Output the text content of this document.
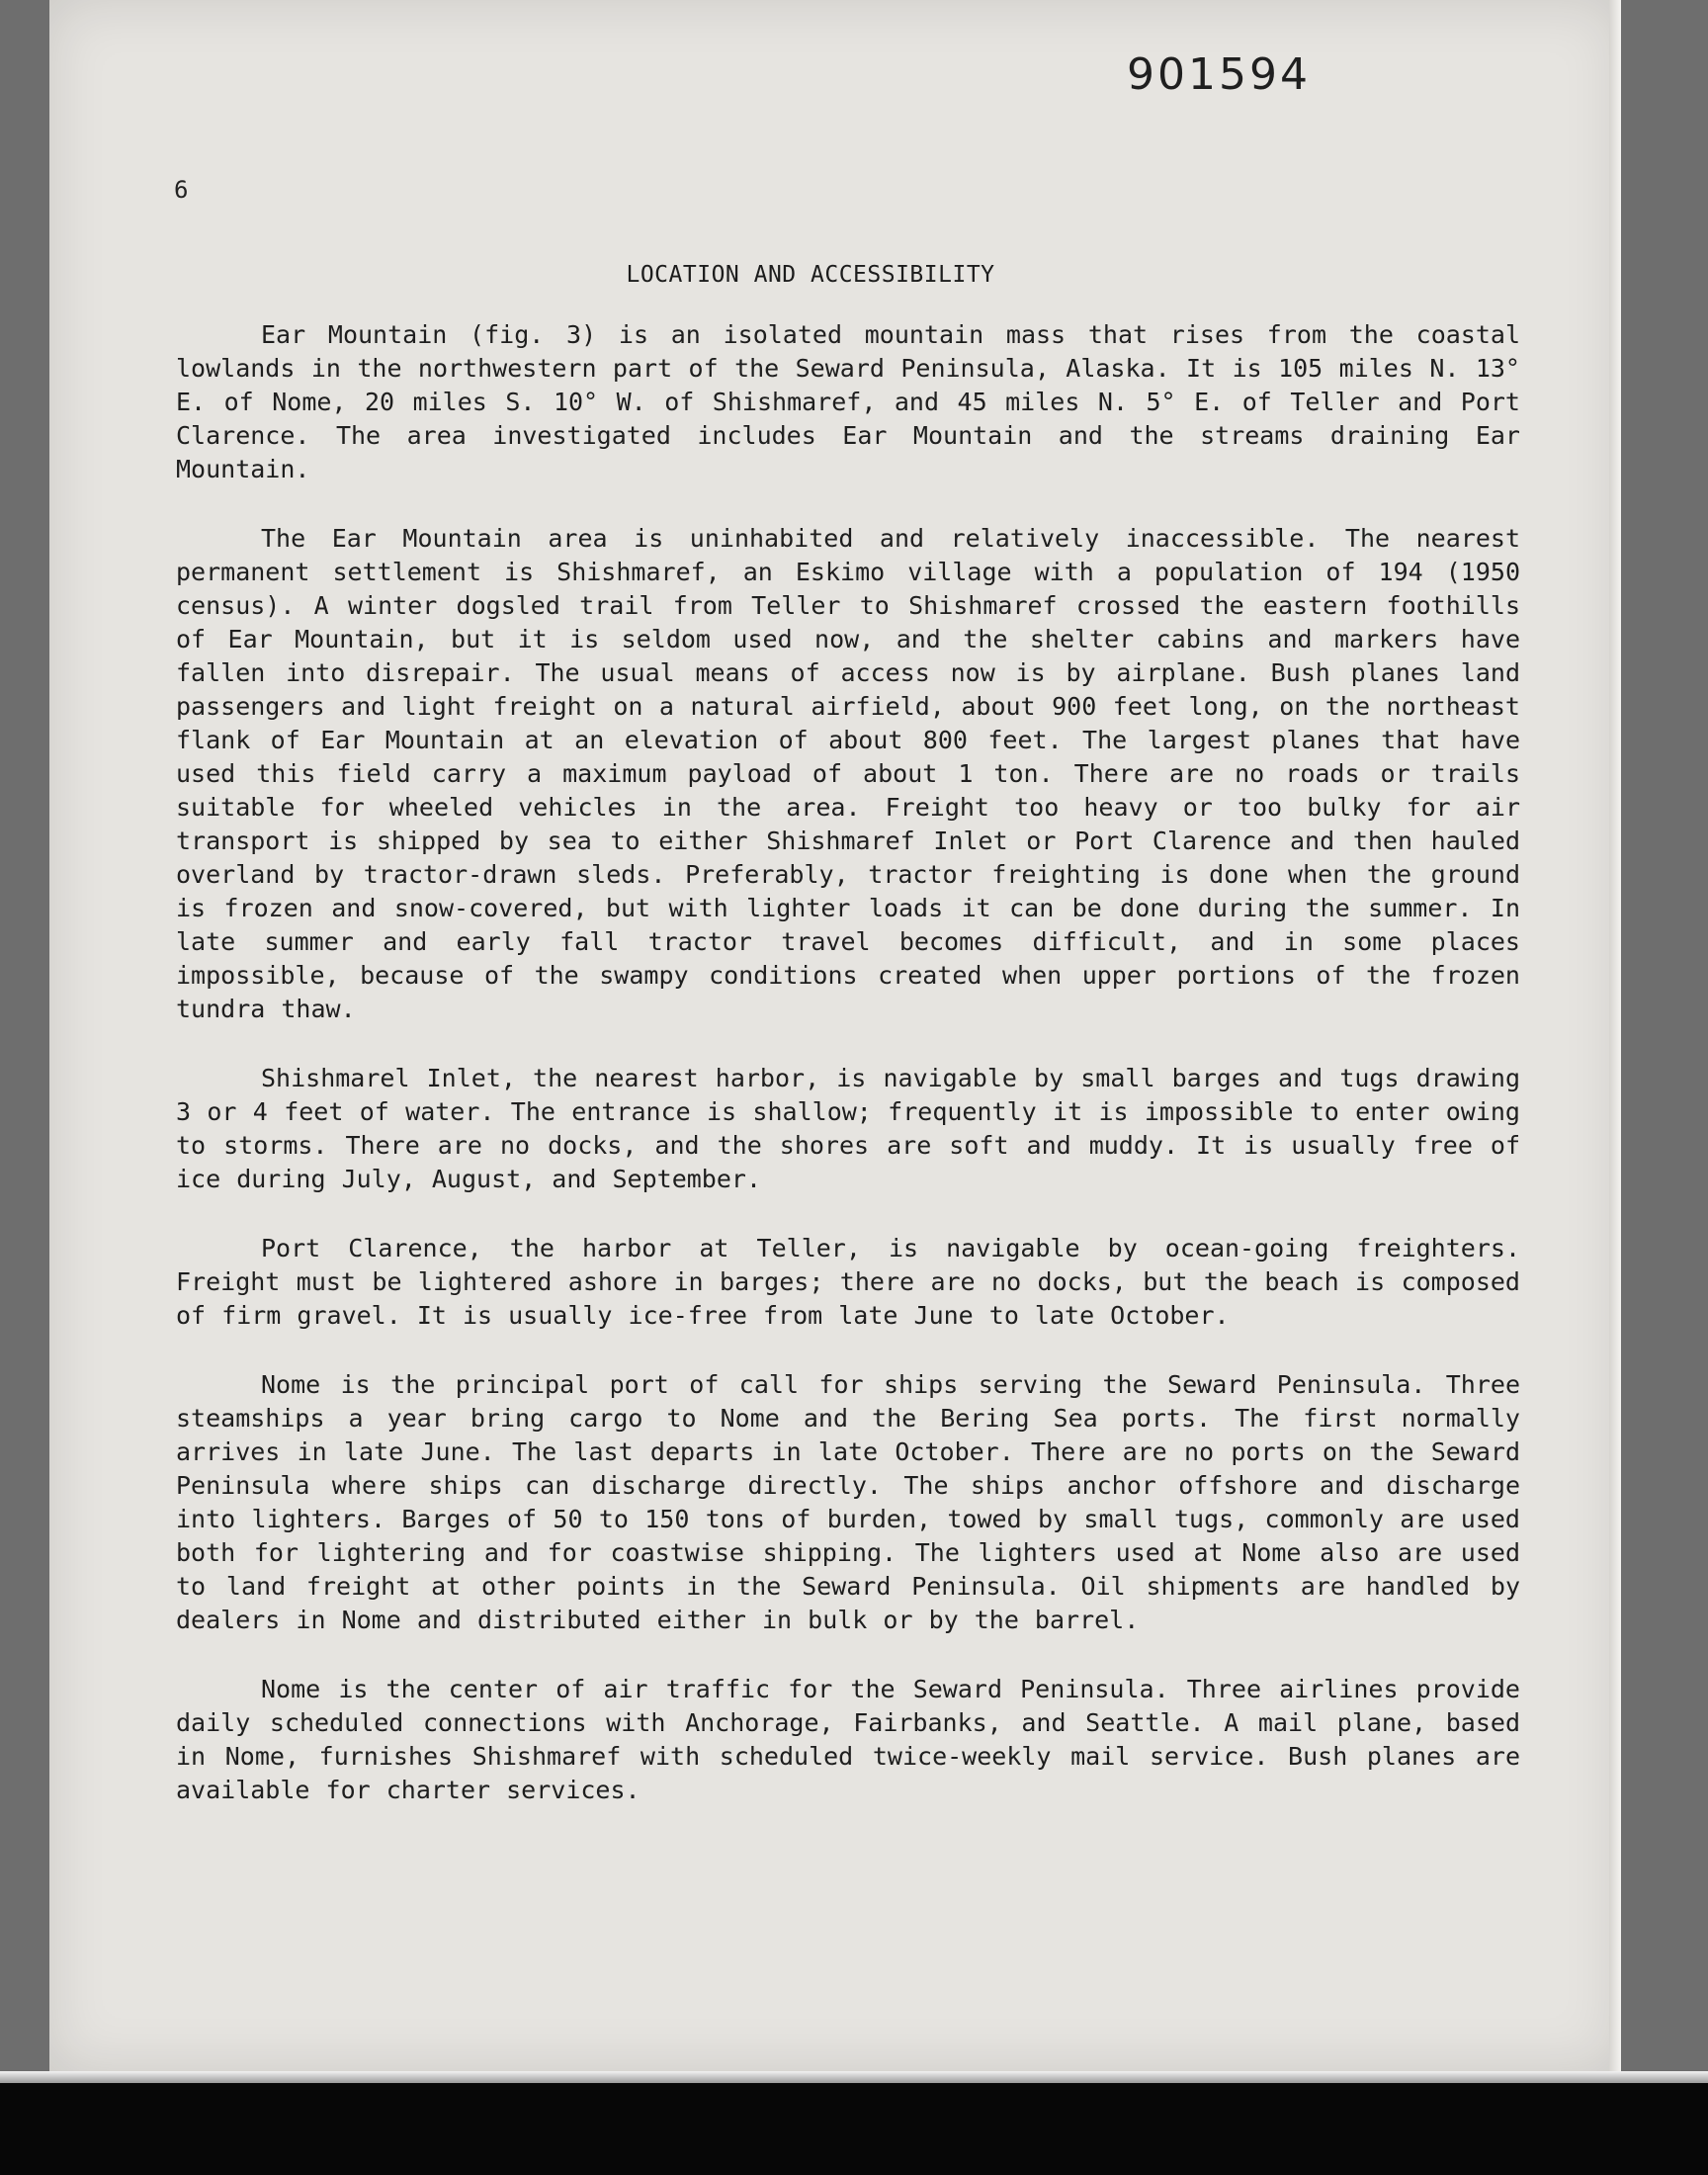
901594
6
LOCATION AND ACCESSIBILITY

Ear Mountain (fig. 3) is an isolated mountain mass that rises from the coastal lowlands in the northwestern part of the Seward Peninsula, Alaska. It is 105 miles N. 13° E. of Nome, 20 miles S. 10° W. of Shishmaref, and 45 miles N. 5° E. of Teller and Port Clarence. The area investigated includes Ear Mountain and the streams draining Ear Mountain.

The Ear Mountain area is uninhabited and relatively inaccessible. The nearest permanent settlement is Shishmaref, an Eskimo village with a population of 194 (1950 census). A winter dogsled trail from Teller to Shishmaref crossed the eastern foothills of Ear Mountain, but it is seldom used now, and the shelter cabins and markers have fallen into disrepair. The usual means of access now is by airplane. Bush planes land passengers and light freight on a natural airfield, about 900 feet long, on the northeast flank of Ear Mountain at an elevation of about 800 feet. The largest planes that have used this field carry a maximum payload of about 1 ton. There are no roads or trails suitable for wheeled vehicles in the area. Freight too heavy or too bulky for air transport is shipped by sea to either Shishmaref Inlet or Port Clarence and then hauled overland by tractor-drawn sleds. Preferably, tractor freighting is done when the ground is frozen and snow-covered, but with lighter loads it can be done during the summer. In late summer and early fall tractor travel becomes difficult, and in some places impossible, because of the swampy conditions created when upper portions of the frozen tundra thaw.

Shishmarel Inlet, the nearest harbor, is navigable by small barges and tugs drawing 3 or 4 feet of water. The entrance is shallow; frequently it is impossible to enter owing to storms. There are no docks, and the shores are soft and muddy. It is usually free of ice during July, August, and September.

Port Clarence, the harbor at Teller, is navigable by ocean-going freighters. Freight must be lightered ashore in barges; there are no docks, but the beach is composed of firm gravel. It is usually ice-free from late June to late October.

Nome is the principal port of call for ships serving the Seward Peninsula. Three steamships a year bring cargo to Nome and the Bering Sea ports. The first normally arrives in late June. The last departs in late October. There are no ports on the Seward Peninsula where ships can discharge directly. The ships anchor offshore and discharge into lighters. Barges of 50 to 150 tons of burden, towed by small tugs, commonly are used both for lightering and for coastwise shipping. The lighters used at Nome also are used to land freight at other points in the Seward Peninsula. Oil shipments are handled by dealers in Nome and distributed either in bulk or by the barrel.

Nome is the center of air traffic for the Seward Peninsula. Three airlines provide daily scheduled connections with Anchorage, Fairbanks, and Seattle. A mail plane, based in Nome, furnishes Shishmaref with scheduled twice-weekly mail service. Bush planes are available for charter services.
